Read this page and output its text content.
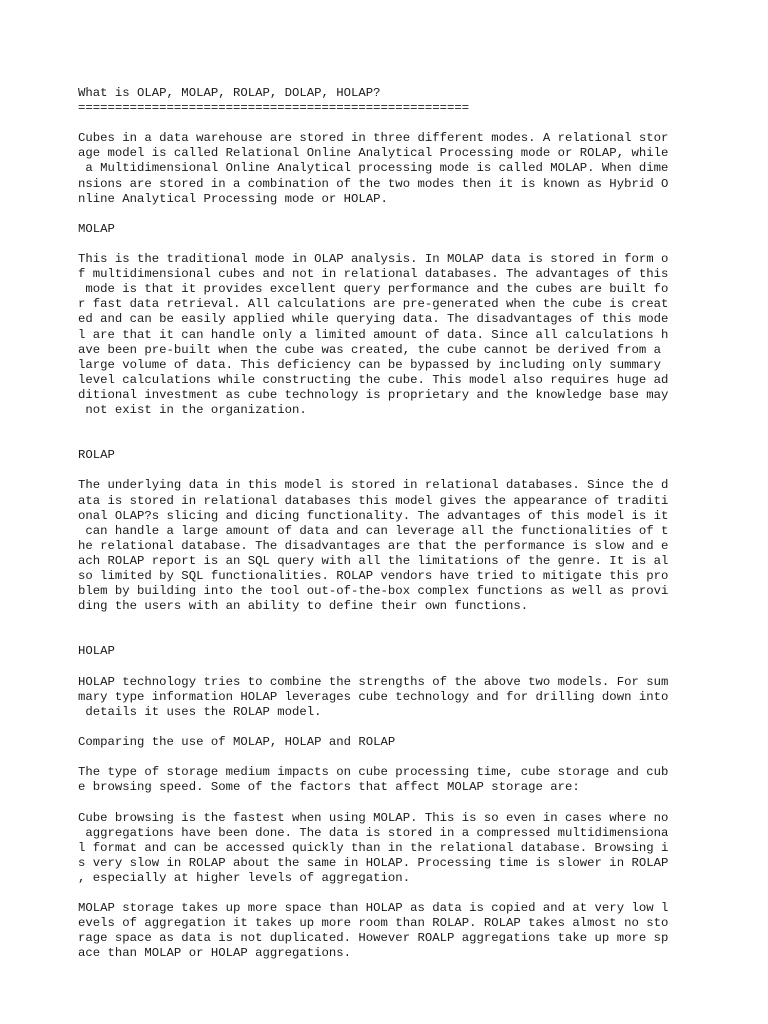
What is OLAP, MOLAP, ROLAP, DOLAP, HOLAP?
=====================================================
Cubes in a data warehouse are stored in three different modes. A relational stor
age model is called Relational Online Analytical Processing mode or ROLAP, while
a Multidimensional Online Analytical processing mode is called MOLAP. When dime
nsions are stored in a combination of the two modes then it is known as Hybrid O
nline Analytical Processing mode or HOLAP.
MOLAP
This is the traditional mode in OLAP analysis. In MOLAP data is stored in form o
f multidimensional cubes and not in relational databases. The advantages of this
mode is that it provides excellent query performance and the cubes are built fo
r fast data retrieval. All calculations are pre-generated when the cube is creat
ed and can be easily applied while querying data. The disadvantages of this mode
l are that it can handle only a limited amount of data. Since all calculations h
ave been pre-built when the cube was created, the cube cannot be derived from a
large volume of data. This deficiency can be bypassed by including only summary
level calculations while constructing the cube. This model also requires huge ad
ditional investment as cube technology is proprietary and the knowledge base may
not exist in the organization.
ROLAP
The underlying data in this model is stored in relational databases. Since the d
ata is stored in relational databases this model gives the appearance of traditi
onal OLAP?s slicing and dicing functionality. The advantages of this model is it
can handle a large amount of data and can leverage all the functionalities of t
he relational database. The disadvantages are that the performance is slow and e
ach ROLAP report is an SQL query with all the limitations of the genre. It is al
so limited by SQL functionalities. ROLAP vendors have tried to mitigate this pro
blem by building into the tool out-of-the-box complex functions as well as provi
ding the users with an ability to define their own functions.
HOLAP
HOLAP technology tries to combine the strengths of the above two models. For sum
mary type information HOLAP leverages cube technology and for drilling down into
details it uses the ROLAP model.
Comparing the use of MOLAP, HOLAP and ROLAP
The type of storage medium impacts on cube processing time, cube storage and cub
e browsing speed. Some of the factors that affect MOLAP storage are:
Cube browsing is the fastest when using MOLAP. This is so even in cases where no
aggregations have been done. The data is stored in a compressed multidimensiona
l format and can be accessed quickly than in the relational database. Browsing i
s very slow in ROLAP about the same in HOLAP. Processing time is slower in ROLAP
, especially at higher levels of aggregation.
MOLAP storage takes up more space than HOLAP as data is copied and at very low l
evels of aggregation it takes up more room than ROLAP. ROLAP takes almost no sto
rage space as data is not duplicated. However ROALP aggregations take up more sp
ace than MOLAP or HOLAP aggregations.
